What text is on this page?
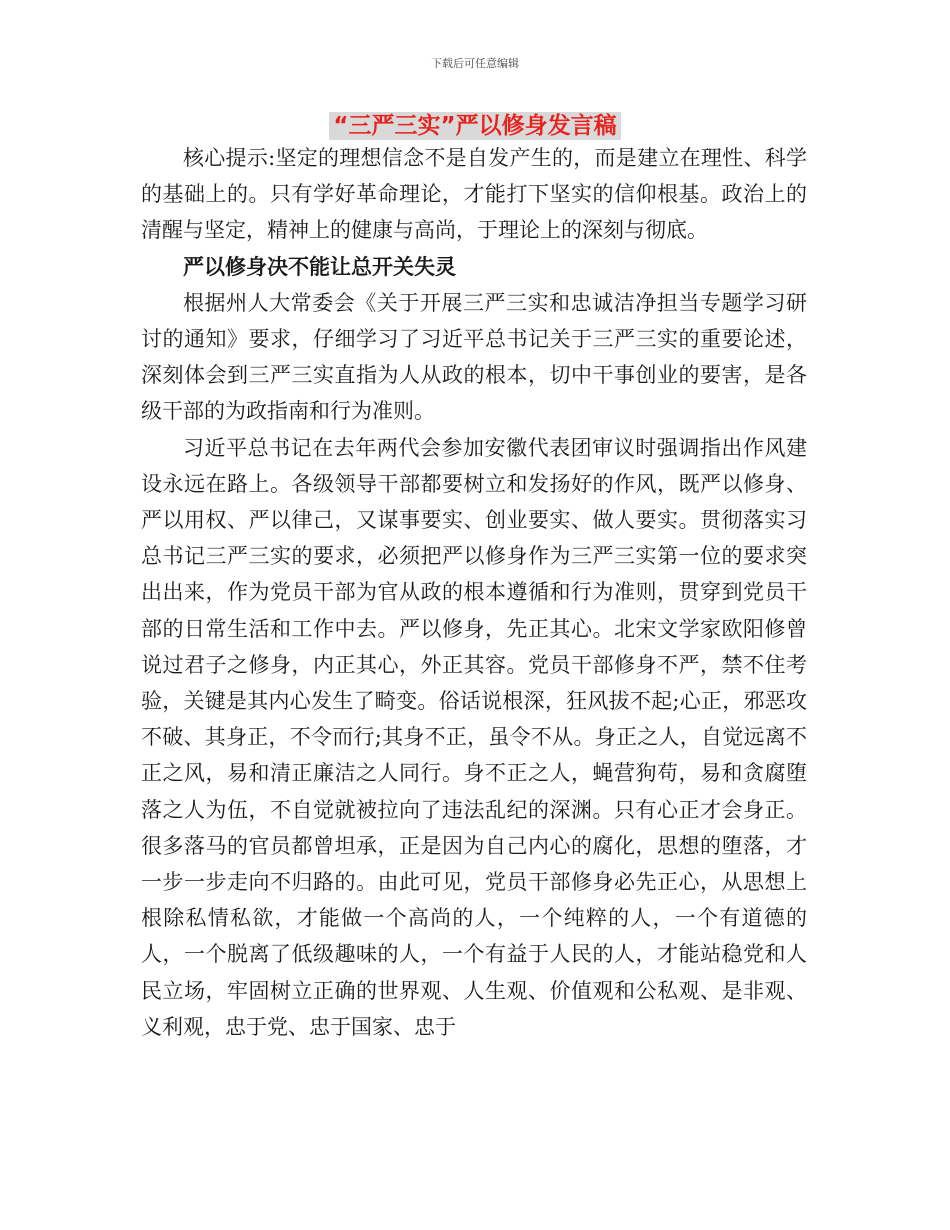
下载后可任意编辑
“三严三实”严以修身发言稿

核心提示:坚定的理想信念不是自发产生的，而是建立在理性、科学的基础上的。只有学好革命理论，才能打下坚实的信仰根基。政治上的清醒与坚定，精神上的健康与高尚，于理论上的深刻与彻底。

严以修身决不能让总开关失灵

根据州人大常委会《关于开展三严三实和忠诚洁净担当专题学习研讨的通知》要求，仔细学习了习近平总书记关于三严三实的重要论述，深刻体会到三严三实直指为人从政的根本，切中干事创业的要害，是各级干部的为政指南和行为准则。

习近平总书记在去年两代会参加安徽代表团审议时强调指出作风建设永远在路上。各级领导干部都要树立和发扬好的作风，既严以修身、严以用权、严以律己，又谋事要实、创业要实、做人要实。贯彻落实习总书记三严三实的要求，必须把严以修身作为三严三实第一位的要求突出出来，作为党员干部为官从政的根本遵循和行为准则，贯穿到党员干部的日常生活和工作中去。严以修身，先正其心。北宋文学家欧阳修曾说过君子之修身，内正其心，外正其容。党员干部修身不严，禁不住考验，关键是其内心发生了畸变。俗话说根深，狂风拔不起;心正，邪恶攻不破、其身正，不令而行;其身不正，虽令不从。身正之人，自觉远离不正之风，易和清正廉洁之人同行。身不正之人，蝇营狗苟，易和贪腐堕落之人为伍，不自觉就被拉向了违法乱纪的深渊。只有心正才会身正。很多落马的官员都曾坦承，正是因为自己内心的腐化，思想的堕落，才一步一步走向不归路的。由此可见，党员干部修身必先正心，从思想上根除私情私欲，才能做一个高尚的人，一个纯粹的人，一个有道德的人，一个脱离了低级趣味的人，一个有益于人民的人，才能站稳党和人民立场，牢固树立正确的世界观、人生观、价值观和公私观、是非观、义利观，忠于党、忠于国家、忠于
